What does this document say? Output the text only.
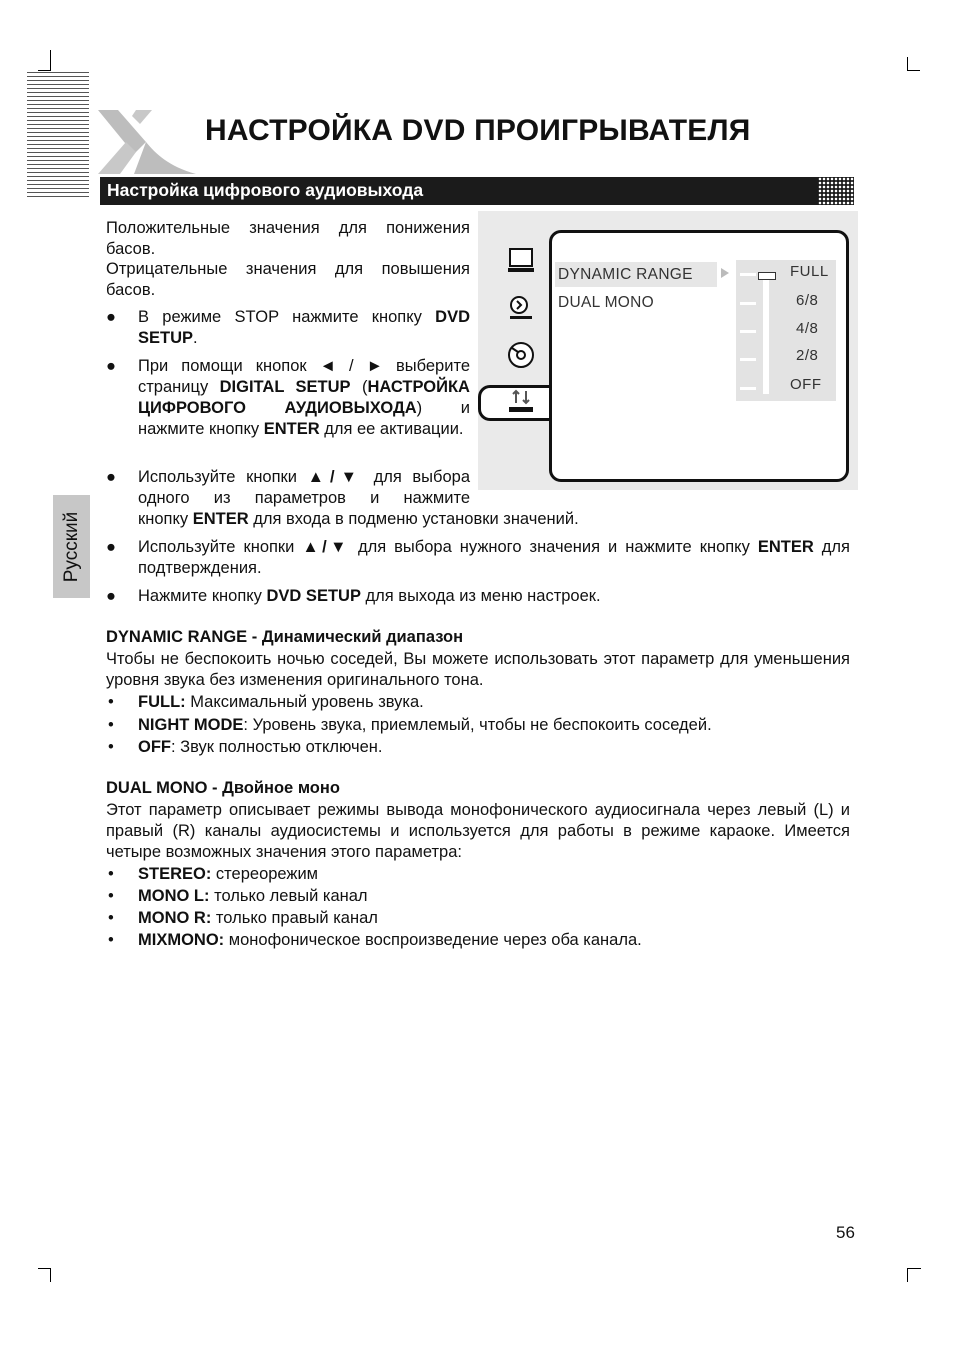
НАСТРОЙКА DVD ПРОИГРЫВАТЕЛЯ
Настройка цифрового аудиовыхода
Русский
Положительные значения для понижения басов.
Отрицательные значения для повышения басов.
● В режиме STOP нажмите кнопку DVD SETUP.
● При помощи кнопок ◄ / ► выберите страницу DIGITAL SETUP (НАСТРОЙКА ЦИФРОВОГО АУДИОВЫХОДА) и нажмите кнопку ENTER для ее активации.
● Используйте кнопки ▲/▼ для выбора одного из параметров и нажмите
кнопку ENTER для входа в подменю установки значений.
● Используйте кнопки ▲/▼ для выбора нужного значения и нажмите кнопку ENTER для подтверждения.
● Нажмите кнопку DVD SETUP для выхода из меню настроек.
DYNAMIC RANGE
DUAL MONO
FULL
6/8
4/8
2/8
OFF
DYNAMIC RANGE - Динамический диапазон
Чтобы не беспокоить ночью соседей, Вы можете использовать этот параметр для уменьшения уровня звука без изменения оригинального тона.
• FULL: Максимальный уровень звука.
• NIGHT MODE: Уровень звука, приемлемый, чтобы не беспокоить соседей.
• OFF: Звук полностью отключен.
DUAL MONO - Двойное моно
Этот параметр описывает режимы вывода монофонического аудиосигнала через левый (L) и правый (R) каналы аудиосистемы и используется для работы в режиме караоке. Имеется четыре возможных значения этого параметра:
• STEREO: стереорежим
• MONO L: только левый канал
• MONO R: только правый канал
• MIXMONO: монофоническое воспроизведение через оба канала.
56
